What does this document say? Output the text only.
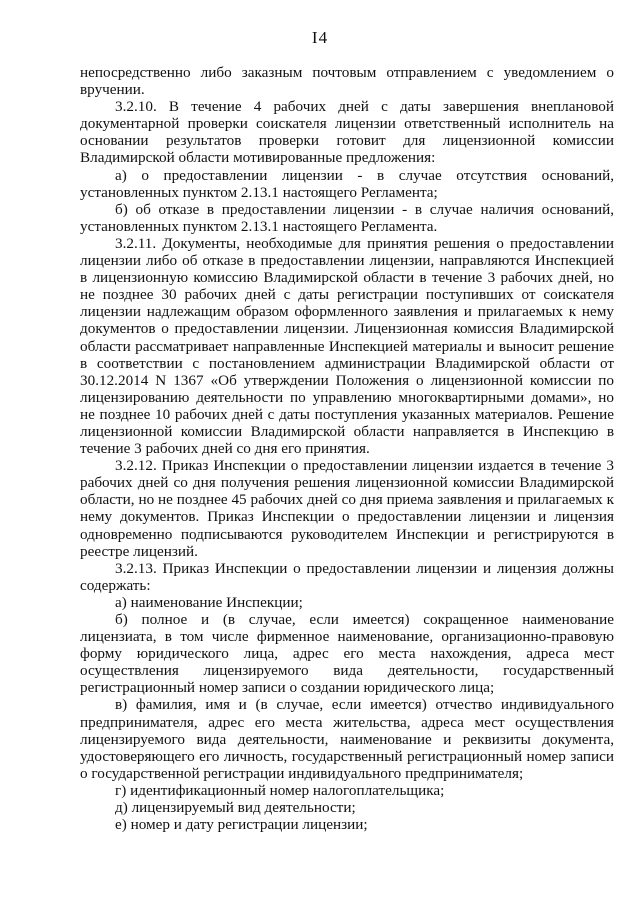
I4

непосредственно либо заказным почтовым отправлением с уведомлением о вручении.

3.2.10. В течение 4 рабочих дней с даты завершения внеплановой документарной проверки соискателя лицензии ответственный исполнитель на основании результатов проверки готовит для лицензионной комиссии Владимирской области мотивированные предложения:

а) о предоставлении лицензии - в случае отсутствия оснований, установленных пунктом 2.13.1 настоящего Регламента;

б) об отказе в предоставлении лицензии - в случае наличия оснований, установленных пунктом 2.13.1 настоящего Регламента.

3.2.11. Документы, необходимые для принятия решения о предоставлении лицензии либо об отказе в предоставлении лицензии, направляются Инспекцией в лицензионную комиссию Владимирской области в течение 3 рабочих дней, но не позднее 30 рабочих дней с даты регистрации поступивших от соискателя лицензии надлежащим образом оформленного заявления и прилагаемых к нему документов о предоставлении лицензии. Лицензионная комиссия Владимирской области рассматривает направленные Инспекцией материалы и выносит решение в соответствии с постановлением администрации Владимирской области от 30.12.2014 N 1367 «Об утверждении Положения о лицензионной комиссии по лицензированию деятельности по управлению многоквартирными домами», но не позднее 10 рабочих дней с даты поступления указанных материалов. Решение лицензионной комиссии Владимирской области направляется в Инспекцию в течение 3 рабочих дней со дня его принятия.

3.2.12. Приказ Инспекции о предоставлении лицензии издается в течение 3 рабочих дней со дня получения решения лицензионной комиссии Владимирской области, но не позднее 45 рабочих дней со дня приема заявления и прилагаемых к нему документов. Приказ Инспекции о предоставлении лицензии и лицензия одновременно подписываются руководителем Инспекции и регистрируются в реестре лицензий.

3.2.13. Приказ Инспекции о предоставлении лицензии и лицензия должны содержать:

а) наименование Инспекции;

б) полное и (в случае, если имеется) сокращенное наименование лицензиата, в том числе фирменное наименование, организационно-правовую форму юридического лица, адрес его места нахождения, адреса мест осуществления лицензируемого вида деятельности, государственный регистрационный номер записи о создании юридического лица;

в) фамилия, имя и (в случае, если имеется) отчество индивидуального предпринимателя, адрес его места жительства, адреса мест осуществления лицензируемого вида деятельности, наименование и реквизиты документа, удостоверяющего его личность, государственный регистрационный номер записи о государственной регистрации индивидуального предпринимателя;

г) идентификационный номер налогоплательщика;

д) лицензируемый вид деятельности;

е) номер и дату регистрации лицензии;
